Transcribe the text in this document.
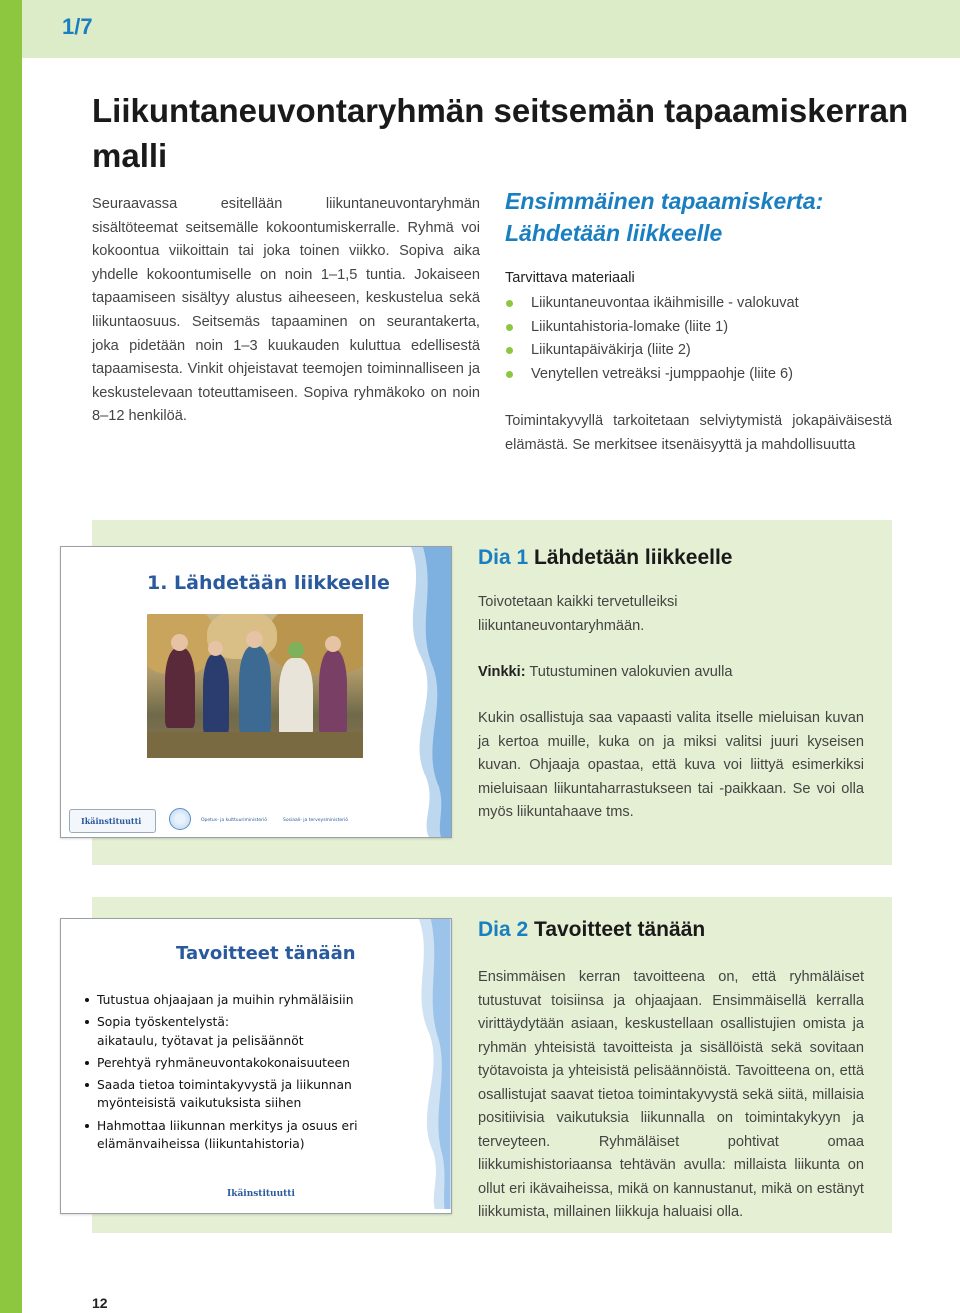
1/7
Liikuntaneuvontaryhmän seitsemän tapaamiskerran malli

Seuraavassa esitellään liikuntaneuvontaryhmän sisältöteemat seitsemälle kokoontumiskerralle. Ryhmä voi kokoontua viikoittain tai joka toinen viikko. Sopiva aika yhdelle kokoontumiselle on noin 1–1,5 tuntia. Jokaiseen tapaamiseen sisältyy alustus aiheeseen, keskustelua sekä liikuntaosuus. Seitsemäs tapaaminen on seurantakerta, joka pidetään noin 1–3 kuukauden kuluttua edellisestä tapaamisesta. Vinkit ohjeistavat teemojen toiminnalliseen ja keskustelevaan toteuttamiseen. Sopiva ryhmäkoko on noin 8–12 henkilöä.

Ensimmäinen tapaamiskerta:
Lähdetään liikkeelle
Tarvittava materiaali
Liikuntaneuvontaa ikäihmisille - valokuvat
Liikuntahistoria-lomake (liite 1)
Liikuntapäiväkirja (liite 2)
Venytellen vetreäksi -jumppaohje (liite 6)

Toimintakyvyllä tarkoitetaan selviytymistä jokapäiväisestä elämästä. Se merkitsee itsenäisyyttä ja mahdollisuutta

1. Lähdetään liikkeelle
Ikäinstituutti	Opetus- ja kulttuuriministeriö	Sosiaali- ja terveysministeriö
Dia 1 Lähdetään liikkeelle

Toivotetaan kaikki tervetulleiksi
liikuntaneuvontaryhmään.

Vinkki: Tutustuminen valokuvien avulla

Kukin osallistuja saa vapaasti valita itselle mieluisan kuvan ja kertoa muille, kuka on ja miksi valitsi juuri kyseisen kuvan. Ohjaaja opastaa, että kuva voi liittyä esimerkiksi mieluisaan liikuntaharrastukseen tai -paikkaan. Se voi olla myös liikuntahaave tms.

Tavoitteet tänään
Tutustua ohjaajaan ja muihin ryhmäläisiin
Sopia työskentelystä:
aikataulu, työtavat ja pelisäännöt
Perehtyä ryhmäneuvontakokonaisuuteen
Saada tietoa toimintakyvystä ja liikunnan
myönteisistä vaikutuksista siihen
Hahmottaa liikunnan merkitys ja osuus eri
elämänvaiheissa (liikuntahistoria)
Ikäinstituutti
Dia 2 Tavoitteet tänään

Ensimmäisen kerran tavoitteena on, että ryhmäläiset tutustuvat toisiinsa ja ohjaajaan. Ensimmäisellä kerralla virittäydytään asiaan, keskustellaan osallistujien omista ja ryhmän yhteisistä tavoitteista ja sisällöistä sekä sovitaan työtavoista ja yhteisistä pelisäännöistä. Tavoitteena on, että osallistujat saavat tietoa toimintakyvystä sekä siitä, millaisia positiivisia vaikutuksia liikunnalla on toimintakykyyn ja terveyteen. Ryhmäläiset pohtivat omaa liikkumishistoriaansa tehtävän avulla: millaista liikunta on ollut eri ikävaiheissa, mikä on kannustanut, mikä on estänyt liikkumista, millainen liikkuja haluaisi olla.

12
